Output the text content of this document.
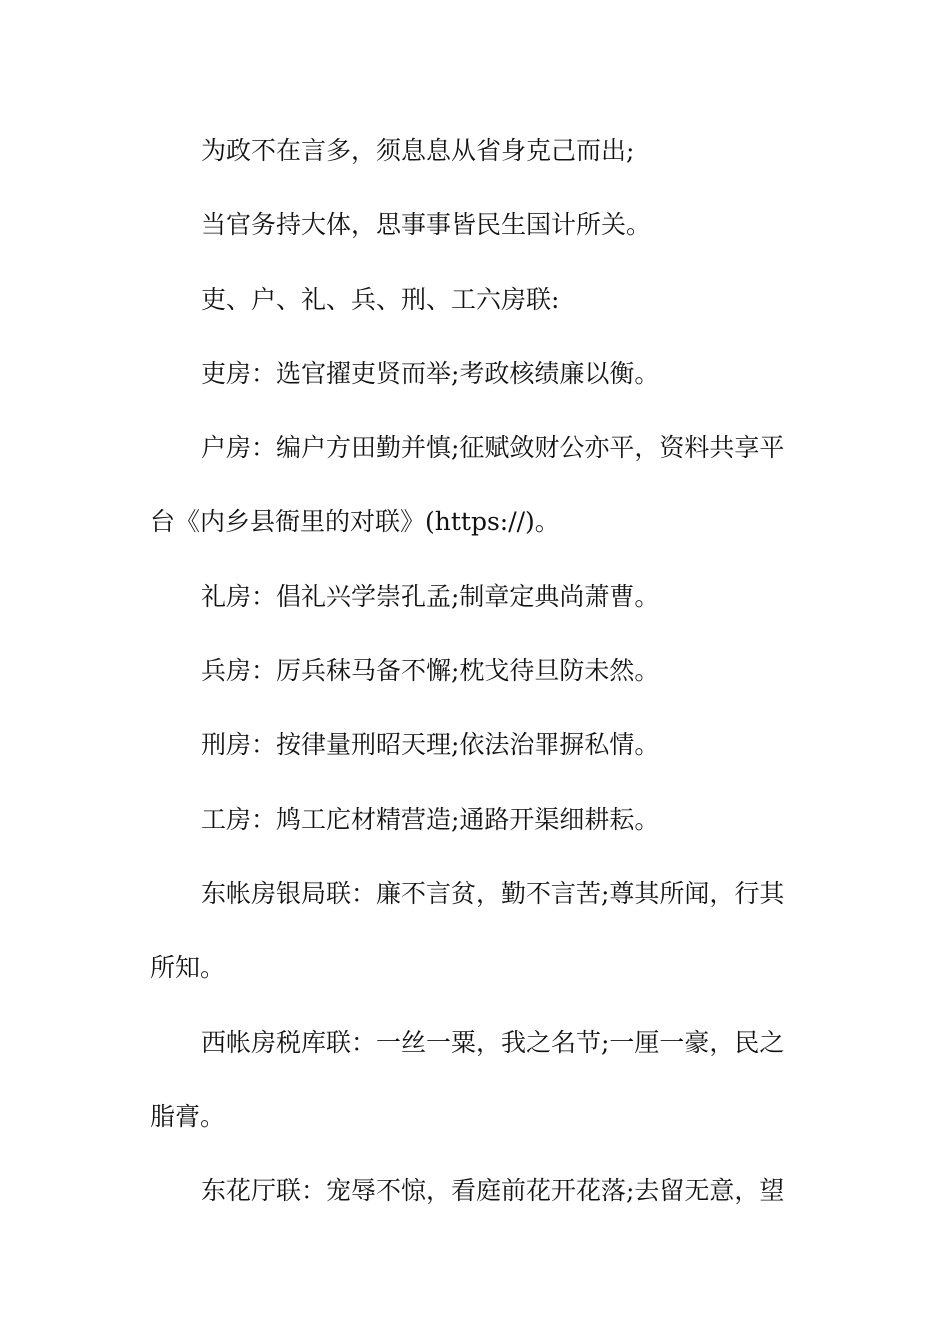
为政不在言多，须息息从省身克己而出;
当官务持大体，思事事皆民生国计所关。
吏、户、礼、兵、刑、工六房联:
吏房：选官擢吏贤而举;考政核绩廉以衡。
户房：编户方田勤并慎;征赋敛财公亦平，资料共享平
台《内乡县衙里的对联》(https://)。
礼房：倡礼兴学崇孔孟;制章定典尚萧曹。
兵房：厉兵秣马备不懈;枕戈待旦防未然。
刑房：按律量刑昭天理;依法治罪摒私情。
工房：鸠工庀材精营造;通路开渠细耕耘。
东帐房银局联：廉不言贫，勤不言苦;尊其所闻，行其
所知。
西帐房税库联：一丝一粟，我之名节;一厘一豪，民之
脂膏。
东花厅联：宠辱不惊，看庭前花开花落;去留无意，望
